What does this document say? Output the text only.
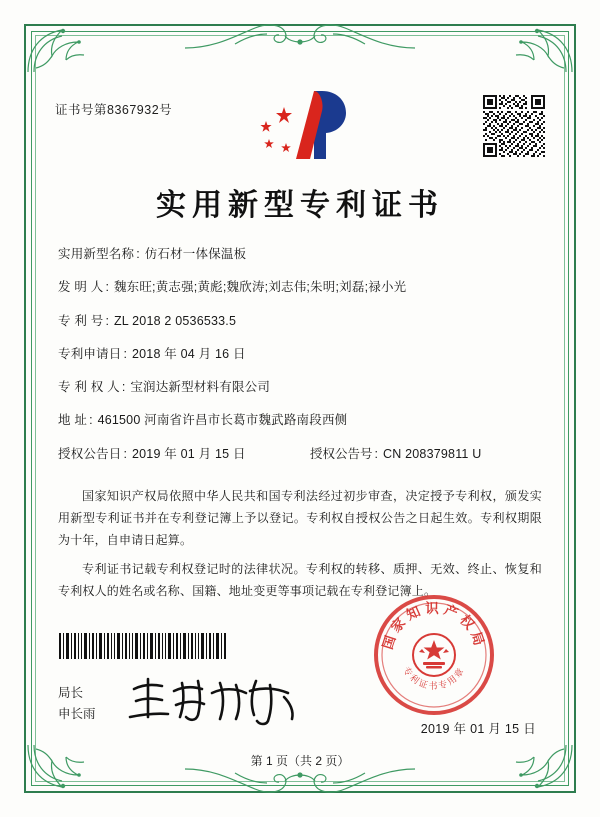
证书号第8367932号
实用新型专利证书
实用新型名称 : 仿石材一体保温板
发 明 人 : 魏东旺;黄志强;黄彪;魏欣涛;刘志伟;朱明;刘磊;禄小光
专 利 号 : ZL 2018 2 0536533.5
专利申请日 : 2018 年 04 月 16 日
专 利 权 人 : 宝润达新型材料有限公司
地 址 : 461500 河南省许昌市长葛市魏武路南段西侧
授权公告日 : 2019 年 01 月 15 日	授权公告号 : CN 208379811 U
国家知识产权局依照中华人民共和国专利法经过初步审查，决定授予专利权，颁发实用新型专利证书并在专利登记簿上予以登记。专利权自授权公告之日起生效。专利权期限为十年，自申请日起算。
专利证书记载专利权登记时的法律状况。专利权的转移、质押、无效、终止、恢复和专利权人的姓名或名称、国籍、地址变更等事项记载在专利登记簿上。
局长
申长雨
国家知识产权局
专利证书专用章
2019 年 01 月 15 日
第 1 页（共 2 页）
